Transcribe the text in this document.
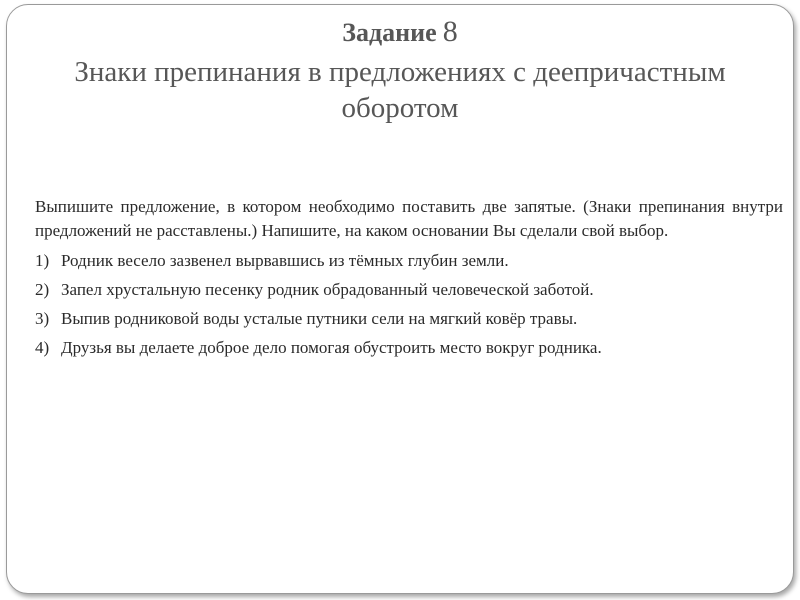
Задание 8
Знаки препинания в предложениях с деепричастным оборотом

Выпишите предложение, в котором необходимо поставить две запятые. (Знаки препинания внутри предложений не расставлены.) Напишите, на каком основании Вы сделали свой выбор.

1) Родник весело зазвенел вырвавшись из тёмных глубин земли.
2) Запел хрустальную песенку родник обрадованный человеческой заботой.
3) Выпив родниковой воды усталые путники сели на мягкий ковёр травы.
4) Друзья вы делаете доброе дело помогая обустроить место вокруг родника.
